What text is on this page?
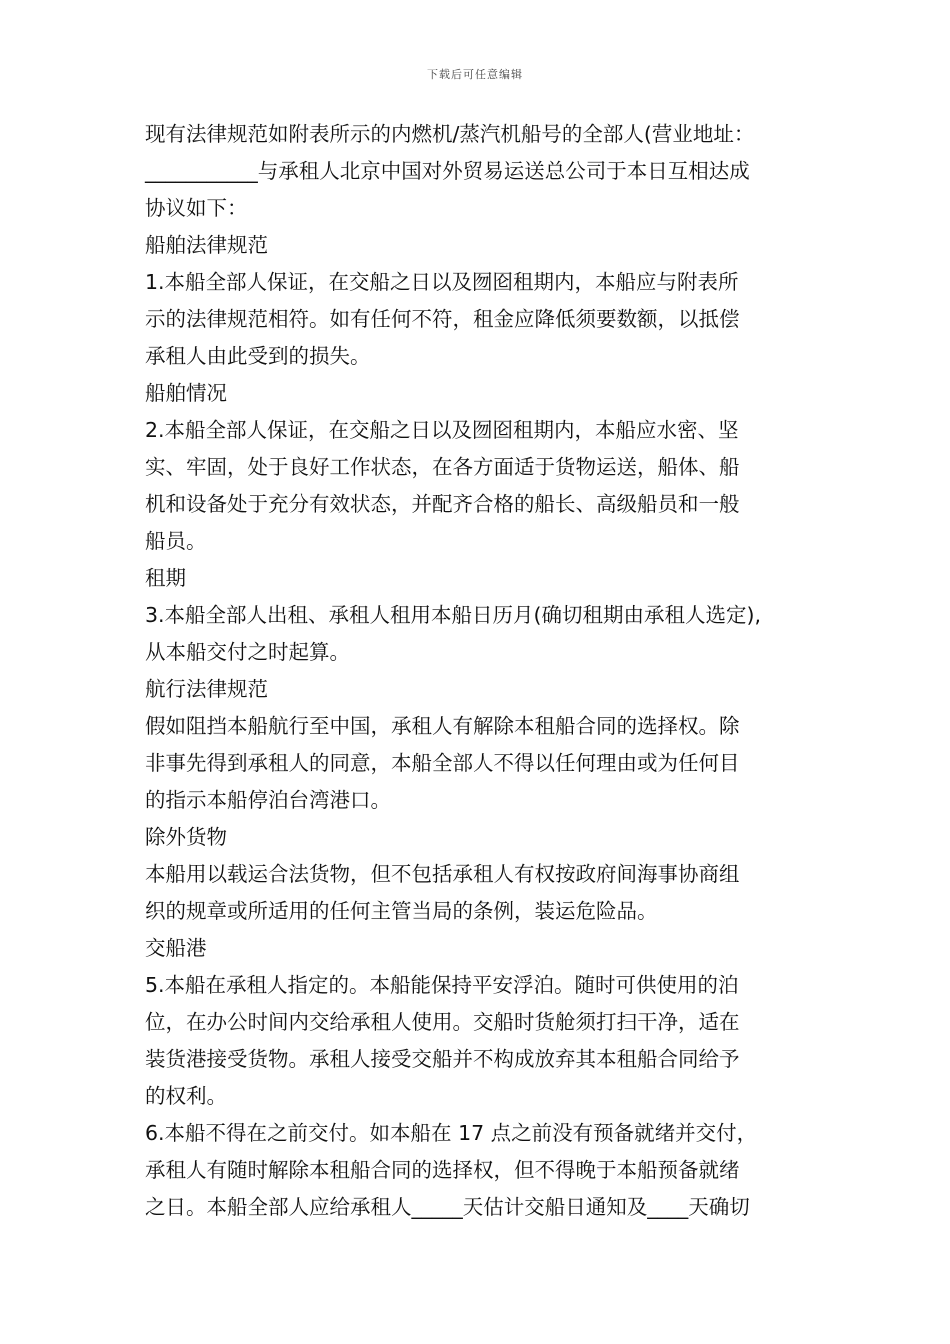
下载后可任意编辑

现有法律规范如附表所示的内燃机/蒸汽机船号的全部人(营业地址：

___________与承租人北京中国对外贸易运送总公司于本日互相达成

协议如下：

船舶法律规范

1.本船全部人保证，在交船之日以及囫囵租期内，本船应与附表所

示的法律规范相符。如有任何不符，租金应降低须要数额，以抵偿

承租人由此受到的损失。

船舶情况

2.本船全部人保证，在交船之日以及囫囵租期内，本船应水密、坚

实、牢固，处于良好工作状态，在各方面适于货物运送，船体、船

机和设备处于充分有效状态，并配齐合格的船长、高级船员和一般

船员。

租期

3.本船全部人出租、承租人租用本船日历月(确切租期由承租人选定),

从本船交付之时起算。

航行法律规范

假如阻挡本船航行至中国，承租人有解除本租船合同的选择权。除

非事先得到承租人的同意，本船全部人不得以任何理由或为任何目

的指示本船停泊台湾港口。

除外货物

本船用以载运合法货物，但不包括承租人有权按政府间海事协商组

织的规章或所适用的任何主管当局的条例，装运危险品。

交船港

5.本船在承租人指定的。本船能保持平安浮泊。随时可供使用的泊

位，在办公时间内交给承租人使用。交船时货舱须打扫干净，适在

装货港接受货物。承租人接受交船并不构成放弃其本租船合同给予

的权利。

6.本船不得在之前交付。如本船在 17 点之前没有预备就绪并交付，

承租人有随时解除本租船合同的选择权，但不得晚于本船预备就绪

之日。本船全部人应给承租人_____天估计交船日通知及____天确切
